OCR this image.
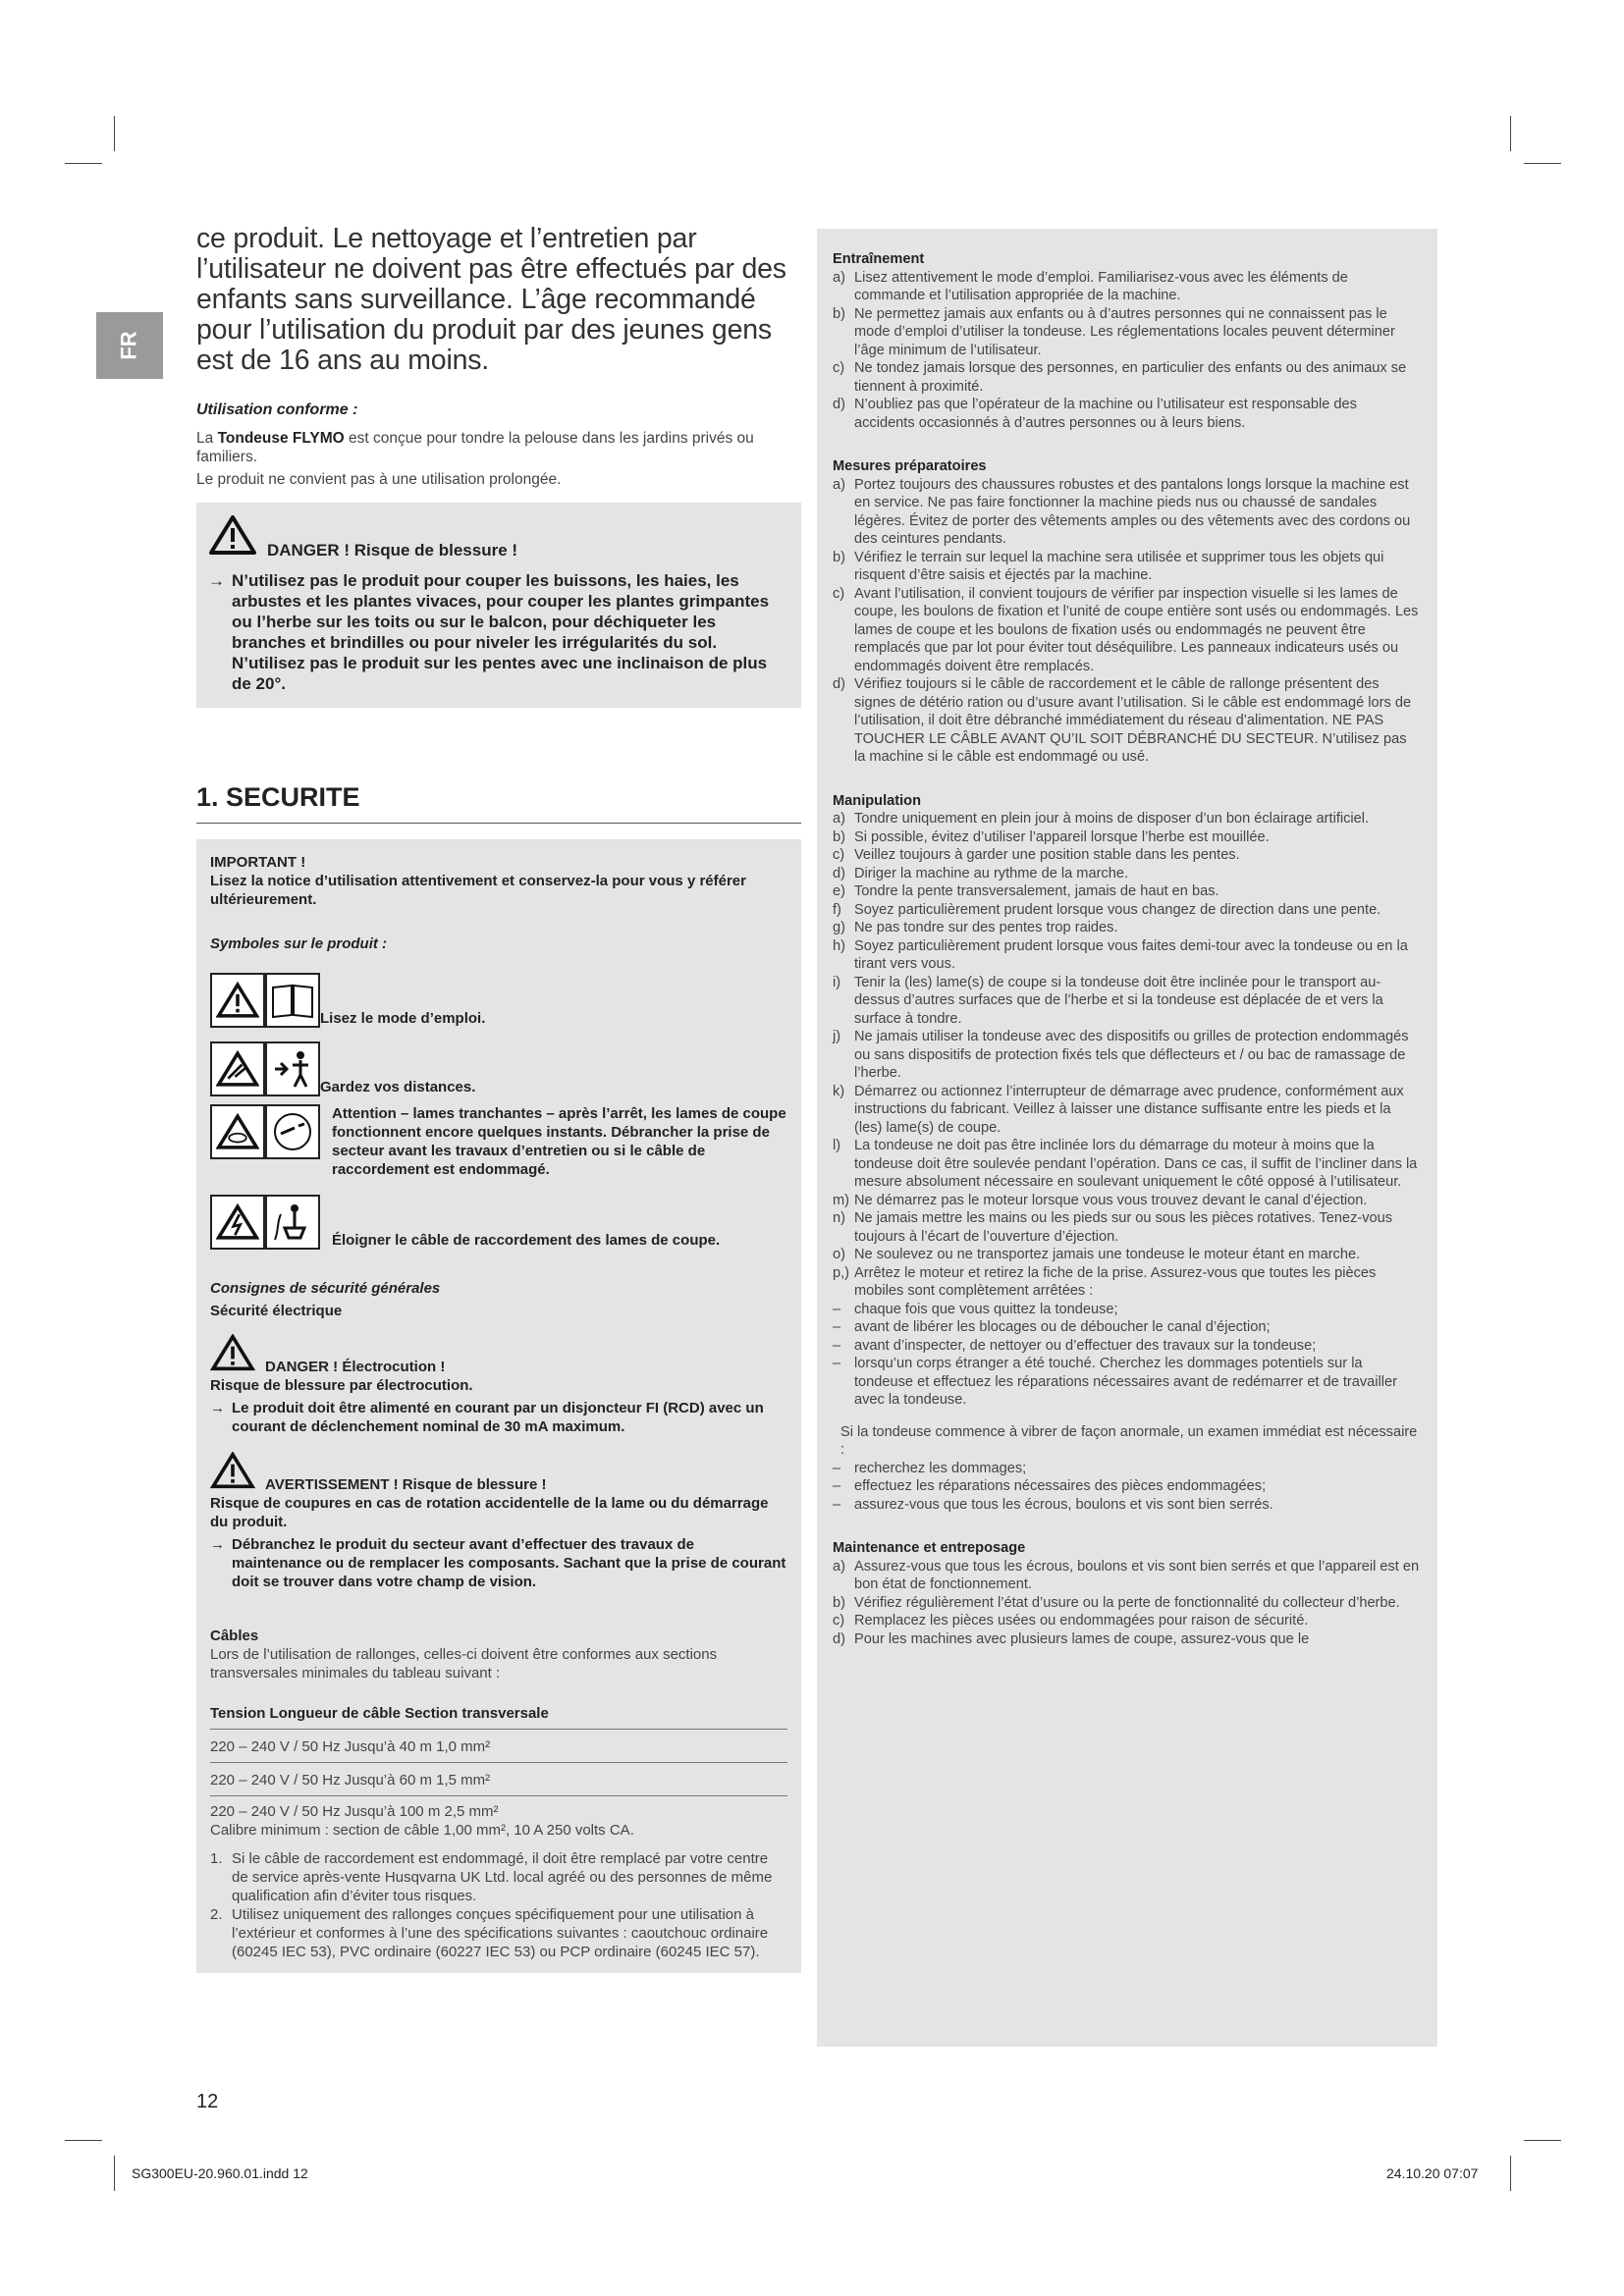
FR
ce produit. Le nettoyage et l’entretien par l’utilisateur ne doivent pas être effectués par des enfants sans surveillance. L’âge recommandé pour l’utilisation du produit par des jeunes gens est de 16 ans au moins.
Utilisation conforme :
La Tondeuse FLYMO est conçue pour tondre la pelouse dans les jardins privés ou familiers.
Le produit ne convient pas à une utilisation prolongée.
DANGER ! Risque de blessure !
→ N’utilisez pas le produit pour couper les buissons, les haies, les arbustes et les plantes vivaces, pour couper les plantes grimpantes ou l’herbe sur les toits ou sur le balcon, pour déchiqueter les branches et brindilles ou pour niveler les irrégularités du sol. N’utilisez pas le produit sur les pentes avec une inclinaison de plus de 20°.
1. SECURITE
IMPORTANT !
Lisez la notice d’utilisation attentivement et conservez-la pour vous y référer ultérieurement.
Symboles sur le produit :
Lisez le mode d’emploi.
Gardez vos distances.
Attention – lames tranchantes – après l’arrêt, les lames de coupe fonctionnent encore quelques instants. Débrancher la prise de secteur avant les travaux d’entretien ou si le câble de raccordement est endommagé.
Éloigner le câble de raccordement des lames de coupe.
Consignes de sécurité générales
Sécurité électrique
DANGER ! Électrocution !
Risque de blessure par électrocution.
→ Le produit doit être alimenté en courant par un disjoncteur FI (RCD) avec un courant de déclenchement nominal de 30 mA maximum.
AVERTISSEMENT ! Risque de blessure !
Risque de coupures en cas de rotation accidentelle de la lame ou du démarrage du produit.
→ Débranchez le produit du secteur avant d’effectuer des travaux de maintenance ou de remplacer les composants. Sachant que la prise de courant doit se trouver dans votre champ de vision.
Câbles
Lors de l’utilisation de rallonges, celles-ci doivent être conformes aux sections transversales minimales du tableau suivant :
Tension Longueur de câble Section transversale
220 – 240 V / 50 Hz Jusqu’à 40 m 1,0 mm²
220 – 240 V / 50 Hz Jusqu’à 60 m 1,5 mm²
220 – 240 V / 50 Hz Jusqu’à 100 m 2,5 mm²
Calibre minimum : section de câble 1,00 mm², 10 A 250 volts CA.
1. Si le câble de raccordement est endommagé, il doit être remplacé par votre centre de service après-vente Husqvarna UK Ltd. local agréé ou des personnes de même qualification afin d’éviter tous risques.
2. Utilisez uniquement des rallonges conçues spécifiquement pour une utilisation à l’extérieur et conformes à l’une des spécifications suivantes : caoutchouc ordinaire (60245 IEC 53), PVC ordinaire (60227 IEC 53) ou PCP ordinaire (60245 IEC 57).
Entraînement
a) Lisez attentivement le mode d’emploi. Familiarisez-vous avec les éléments de commande et l’utilisation appropriée de la machine.
b) Ne permettez jamais aux enfants ou à d’autres personnes qui ne connaissent pas le mode d’emploi d’utiliser la tondeuse. Les réglementations locales peuvent déterminer l’âge minimum de l’utilisateur.
c) Ne tondez jamais lorsque des personnes, en particulier des enfants ou des animaux se tiennent à proximité.
d) N’oubliez pas que l’opérateur de la machine ou l’utilisateur est responsable des accidents occasionnés à d’autres personnes ou à leurs biens.
Mesures préparatoires
a) Portez toujours des chaussures robustes et des pantalons longs lorsque la machine est en service. Ne pas faire fonctionner la machine pieds nus ou chaussé de sandales légères. Évitez de porter des vêtements amples ou des vêtements avec des cordons ou des ceintures pendants.
b) Vérifiez le terrain sur lequel la machine sera utilisée et supprimer tous les objets qui risquent d’être saisis et éjectés par la machine.
c) Avant l’utilisation, il convient toujours de vérifier par inspection visuelle si les lames de coupe, les boulons de fixation et l’unité de coupe entière sont usés ou endommagés. Les lames de coupe et les boulons de fixation usés ou endommagés ne peuvent être remplacés que par lot pour éviter tout déséquilibre. Les panneaux indicateurs usés ou endommagés doivent être remplacés.
d) Vérifiez toujours si le câble de raccordement et le câble de rallonge présentent des signes de détério ration ou d’usure avant l’utilisation. Si le câble est endommagé lors de l’utilisation, il doit être débranché immédiatement du réseau d’alimentation. NE PAS TOUCHER LE CÂBLE AVANT QU’IL SOIT DÉBRANCHÉ DU SECTEUR. N’utilisez pas la machine si le câble est endommagé ou usé.
Manipulation
a) Tondre uniquement en plein jour à moins de disposer d’un bon éclairage artificiel.
b) Si possible, évitez d’utiliser l’appareil lorsque l’herbe est mouillée.
c) Veillez toujours à garder une position stable dans les pentes.
d) Diriger la machine au rythme de la marche.
e) Tondre la pente transversalement, jamais de haut en bas.
f) Soyez particulièrement prudent lorsque vous changez de direction dans une pente.
g) Ne pas tondre sur des pentes trop raides.
h) Soyez particulièrement prudent lorsque vous faites demi-tour avec la tondeuse ou en la tirant vers vous.
i) Tenir la (les) lame(s) de coupe si la tondeuse doit être inclinée pour le transport au-dessus d’autres surfaces que de l’herbe et si la tondeuse est déplacée de et vers la surface à tondre.
j) Ne jamais utiliser la tondeuse avec des dispositifs ou grilles de protection endommagés ou sans dispositifs de protection fixés tels que déflecteurs et / ou bac de ramassage de l’herbe.
k) Démarrez ou actionnez l’interrupteur de démarrage avec prudence, conformément aux instructions du fabricant. Veillez à laisser une distance suffisante entre les pieds et la (les) lame(s) de coupe.
l) La tondeuse ne doit pas être inclinée lors du démarrage du moteur à moins que la tondeuse doit être soulevée pendant l’opération. Dans ce cas, il suffit de l’incliner dans la mesure absolument nécessaire en soulevant uniquement le côté opposé à l’utilisateur.
m) Ne démarrez pas le moteur lorsque vous vous trouvez devant le canal d’éjection.
n) Ne jamais mettre les mains ou les pieds sur ou sous les pièces rotatives. Tenez-vous toujours à l’écart de l’ouverture d’éjection.
o) Ne soulevez ou ne transportez jamais une tondeuse le moteur étant en marche.
p,) Arrêtez le moteur et retirez la fiche de la prise. Assurez-vous que toutes les pièces mobiles sont complètement arrêtées :
– chaque fois que vous quittez la tondeuse;
– avant de libérer les blocages ou de déboucher le canal d’éjection;
– avant d’inspecter, de nettoyer ou d’effectuer des travaux sur la tondeuse;
– lorsqu’un corps étranger a été touché. Cherchez les dommages potentiels sur la tondeuse et effectuez les réparations nécessaires avant de redémarrer et de travailler avec la tondeuse.
Si la tondeuse commence à vibrer de façon anormale, un examen immédiat est nécessaire :
– recherchez les dommages;
– effectuez les réparations nécessaires des pièces endommagées;
– assurez-vous que tous les écrous, boulons et vis sont bien serrés.
Maintenance et entreposage
a) Assurez-vous que tous les écrous, boulons et vis sont bien serrés et que l’appareil est en bon état de fonctionnement.
b) Vérifiez régulièrement l’état d’usure ou la perte de fonctionnalité du collecteur d’herbe.
c) Remplacez les pièces usées ou endommagées pour raison de sécurité.
d) Pour les machines avec plusieurs lames de coupe, assurez-vous que le
12
SG300EU-20.960.01.indd 12	24.10.20 07:07
